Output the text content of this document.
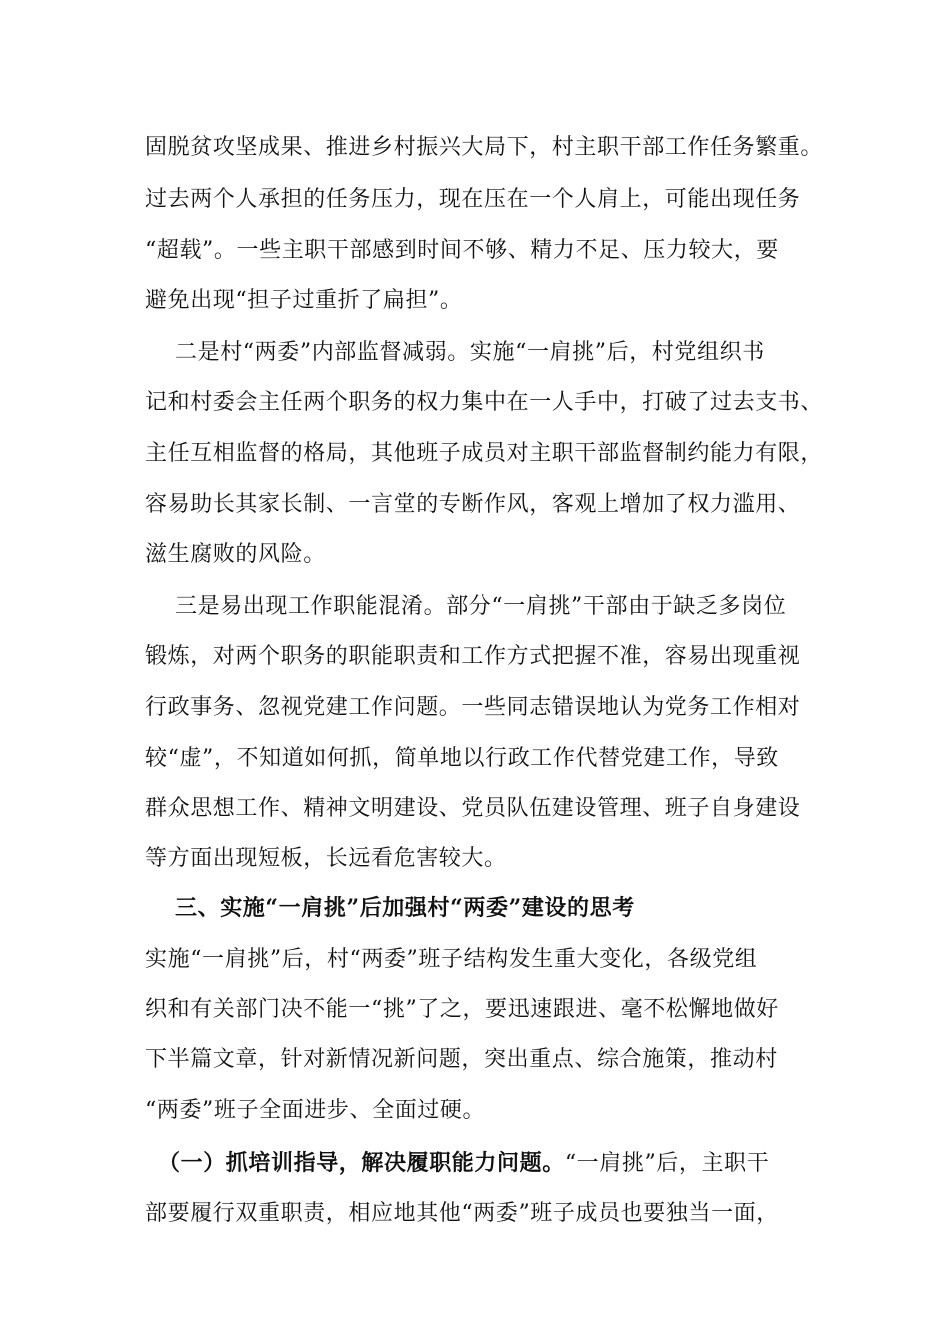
固脱贫攻坚成果、推进乡村振兴大局下，村主职干部工作任务繁重。
过去两个人承担的任务压力，现在压在一个人肩上，可能出现任务
“超载”。一些主职干部感到时间不够、精力不足、压力较大，要
避免出现“担子过重折了扁担”。
二是村“两委”内部监督减弱。实施“一肩挑”后，村党组织书
记和村委会主任两个职务的权力集中在一人手中，打破了过去支书、
主任互相监督的格局，其他班子成员对主职干部监督制约能力有限，
容易助长其家长制、一言堂的专断作风，客观上增加了权力滥用、
滋生腐败的风险。
三是易出现工作职能混淆。部分“一肩挑”干部由于缺乏多岗位
锻炼，对两个职务的职能职责和工作方式把握不准，容易出现重视
行政事务、忽视党建工作问题。一些同志错误地认为党务工作相对
较“虚”，不知道如何抓，简单地以行政工作代替党建工作，导致
群众思想工作、精神文明建设、党员队伍建设管理、班子自身建设
等方面出现短板，长远看危害较大。
三、实施“一肩挑”后加强村“两委”建设的思考
实施“一肩挑”后，村“两委”班子结构发生重大变化，各级党组
织和有关部门决不能一“挑”了之，要迅速跟进、毫不松懈地做好
下半篇文章，针对新情况新问题，突出重点、综合施策，推动村
“两委”班子全面进步、全面过硬。
（一）抓培训指导，解决履职能力问题。“一肩挑”后，主职干
部要履行双重职责，相应地其他“两委”班子成员也要独当一面，
